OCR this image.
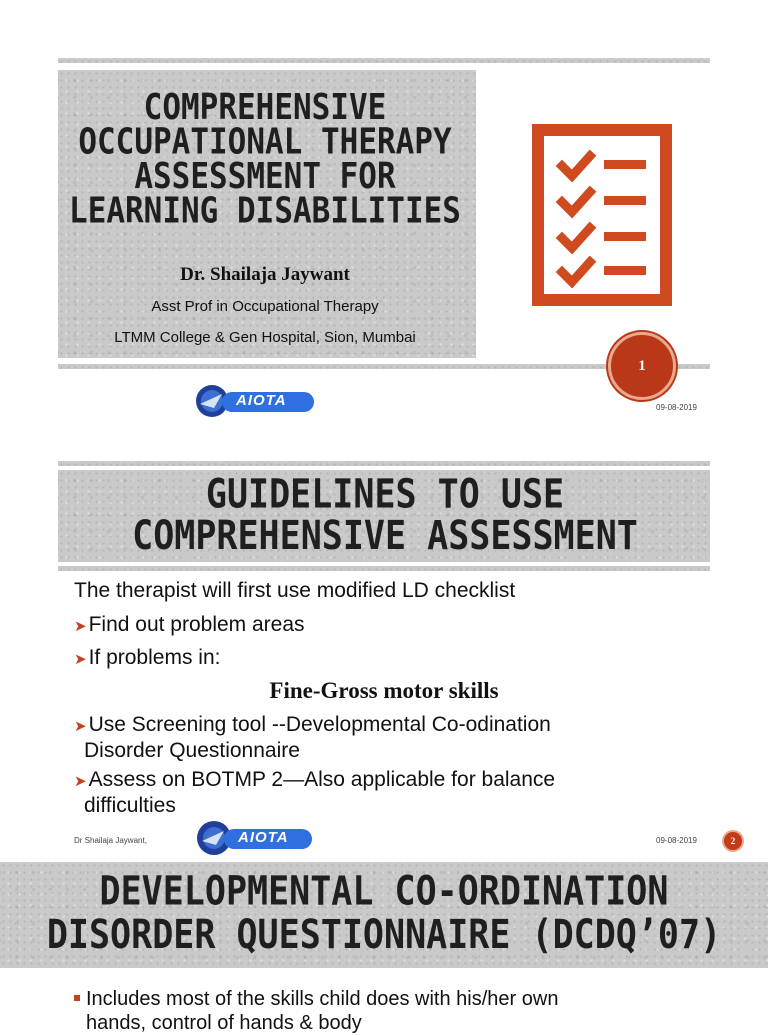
COMPREHENSIVE
OCCUPATIONAL THERAPY
ASSESSMENT FOR
LEARNING DISABILITIES
Dr. Shailaja Jaywant
Asst Prof in Occupational Therapy
LTMM College & Gen Hospital, Sion, Mumbai
1
AIOTA	09-08-2019
GUIDELINES TO USE
COMPREHENSIVE ASSESSMENT
The therapist will first use modified LD checklist
➤Find out problem areas
➤If problems in:
Fine-Gross motor skills
➤Use Screening tool --Developmental Co-odination
Disorder Questionnaire
➤Assess on BOTMP 2—Also applicable for balance
difficulties
Dr Shailaja Jaywant,	AIOTA	09-08-2019	2
DEVELOPMENTAL CO-ORDINATION
DISORDER QUESTIONNAIRE (DCDQ’07)
Includes most of the skills child does with his/her own
hands, control of hands & body
